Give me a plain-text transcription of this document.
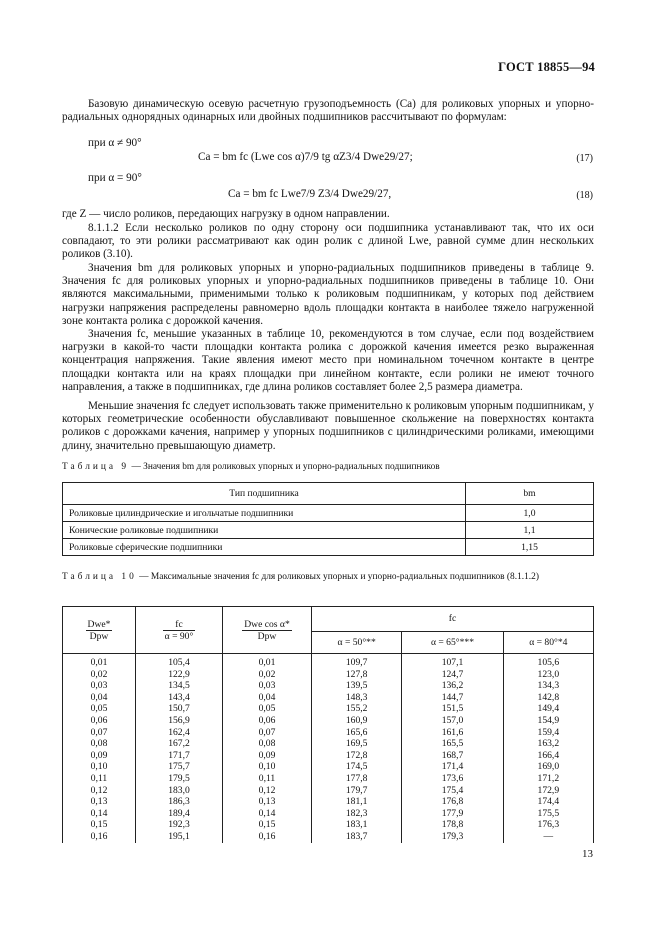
ГОСТ 18855—94
Базовую динамическую осевую расчетную грузоподъемность (Ca) для роликовых упорных и упорно-радиальных однорядных одинарных или двойных подшипников рассчитывают по формулам:
при α ≠ 90°
Ca = bm fc (Lwe cos α)7/9 tg αZ3/4 Dwe29/27;	(17)
при α = 90°
Ca = bm fc Lwe7/9 Z3/4 Dwe29/27,	(18)
где Z — число роликов, передающих нагрузку в одном направлении.
8.1.1.2 Если несколько роликов по одну сторону оси подшипника устанавливают так, что их оси совпадают, то эти ролики рассматривают как один ролик с длиной Lwe, равной сумме длин нескольких роликов (3.10).
Значения bm для роликовых упорных и упорно-радиальных подшипников приведены в таблице 9. Значения fc для роликовых упорных и упорно-радиальных подшипников приведены в таблице 10. Они являются максимальными, применимыми только к роликовым подшипникам, у которых под действием нагрузки напряжения распределены равномерно вдоль площадки контакта в наиболее тяжело нагруженной зоне контакта ролика с дорожкой качения.
Значения fc, меньшие указанных в таблице 10, рекомендуются в том случае, если под воздействием нагрузки в какой-то части площадки контакта ролика с дорожкой качения имеется резко выраженная концентрация напряжения. Такие явления имеют место при номинальном точечном контакте в центре площадки контакта или на краях площадки при линейном контакте, если ролики не имеют точного направления, а также в подшипниках, где длина роликов составляет более 2,5 размера диаметра.
Меньшие значения fc следует использовать также применительно к роликовым упорным подшипникам, у которых геометрические особенности обуславливают повышенное скольжение на поверхностях контакта роликов с дорожками качения, например у упорных подшипников с цилиндрическими роликами, имеющими длину, значительно превышающую диаметр.
Таблица 9 — Значения bm для роликовых упорных и упорно-радиальных подшипников
Тип подшипника	bm
Роликовые цилиндрические и игольчатые подшипники	1,0
Конические роликовые подшипники	1,1
Роликовые сферические подшипники	1,15
Таблица 10 — Максимальные значения fc для роликовых упорных и упорно-радиальных подшипников (8.1.1.2)
$\frac{\text{Dwe*}}{\text{Dpw}}$	$\frac{fc}{\alpha = 90^\circ}$	$\frac{\text{Dwe cos α*}}{\text{Dpw}}$	fc		
			α = 50°**	α = 65°***	α = 80°*4
0,01	105,4	0,01	109,7	107,1	105,6
0,02	122,9	0,02	127,8	124,7	123,0
0,03	134,5	0,03	139,5	136,2	134,3
0,04	143,4	0,04	148,3	144,7	142,8
0,05	150,7	0,05	155,2	151,5	149,4
0,06	156,9	0,06	160,9	157,0	154,9
0,07	162,4	0,07	165,6	161,6	159,4
0,08	167,2	0,08	169,5	165,5	163,2
0,09	171,7	0,09	172,8	168,7	166,4
0,10	175,7	0,10	174,5	171,4	169,0
0,11	179,5	0,11	177,8	173,6	171,2
0,12	183,0	0,12	179,7	175,4	172,9
0,13	186,3	0,13	181,1	176,8	174,4
0,14	189,4	0,14	182,3	177,9	175,5
0,15	192,3	0,15	183,1	178,8	176,3
0,16	195,1	0,16	183,7	179,3	—
13
